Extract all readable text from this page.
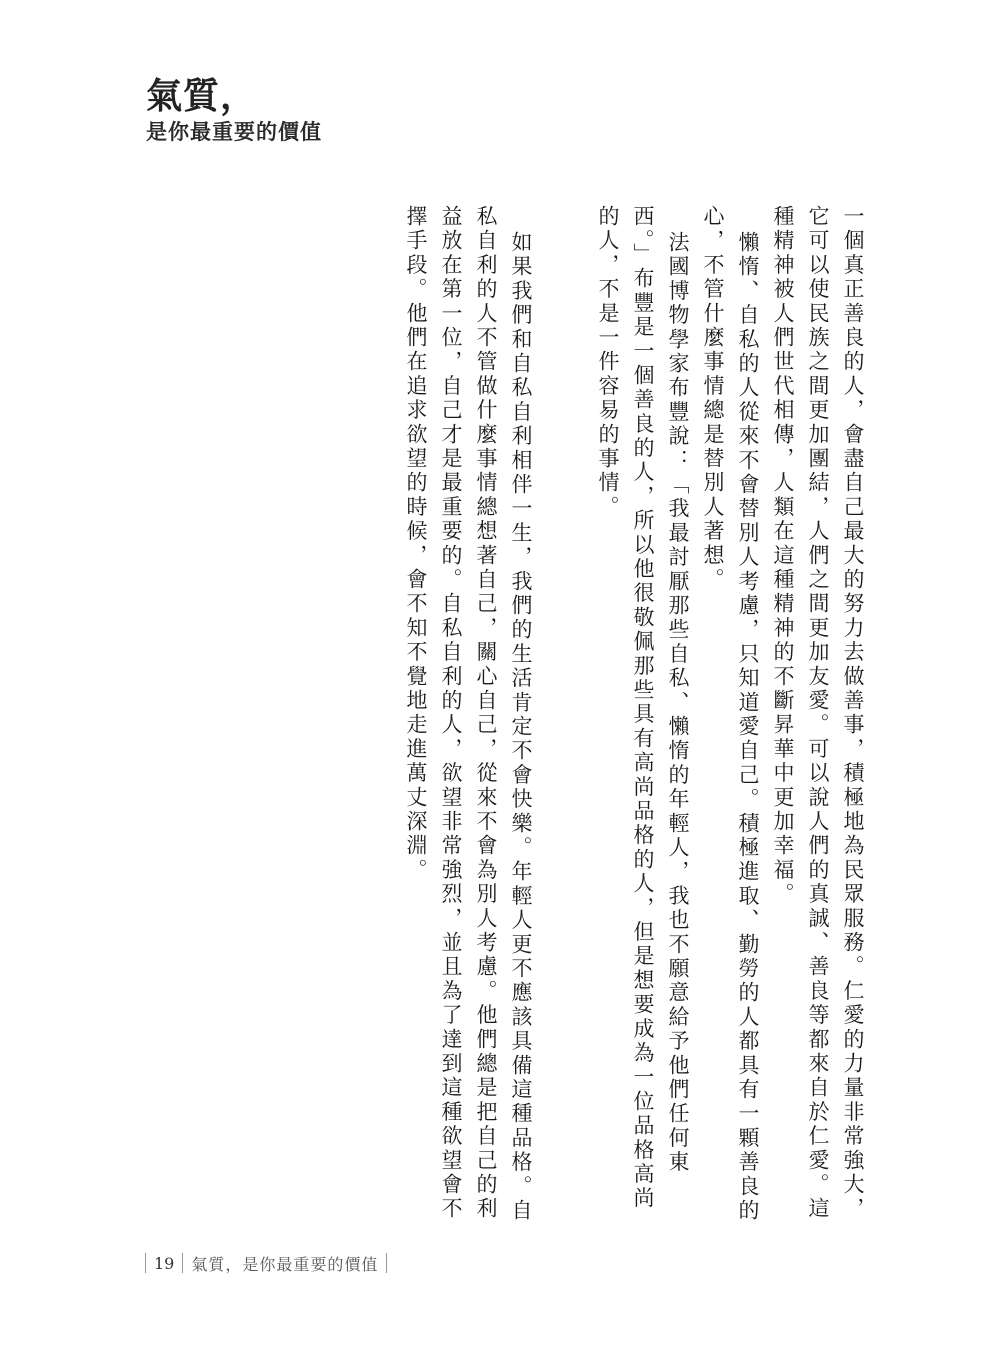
氣質，
是你最重要的價值

一個真正善良的人，會盡自己最大的努力去做善事，積極地為民眾服務。仁愛的力量非常強大，它可以使民族之間更加團結，人們之間更加友愛。可以說人們的真誠、善良等都來自於仁愛。這種精神被人們世代相傳，人類在這種精神的不斷昇華中更加幸福。

懶惰、自私的人從來不會替別人考慮，只知道愛自己。積極進取、勤勞的人都具有一顆善良的心，不管什麼事情總是替別人著想。

法國博物學家布豐說：「我最討厭那些自私、懶惰的年輕人，我也不願意給予他們任何東西。」布豐是一個善良的人，所以他很敬佩那些具有高尚品格的人，但是想要成為一位品格高尚的人，不是一件容易的事情。

如果我們和自私自利相伴一生，我們的生活肯定不會快樂。年輕人更不應該具備這種品格。自私自利的人不管做什麼事情總想著自己，關心自己，從來不會為別人考慮。他們總是把自己的利益放在第一位，自己才是最重要的。自私自利的人，欲望非常強烈，並且為了達到這種欲望會不擇手段。他們在追求欲望的時候，會不知不覺地走進萬丈深淵。

19	氣質，是你最重要的價值
